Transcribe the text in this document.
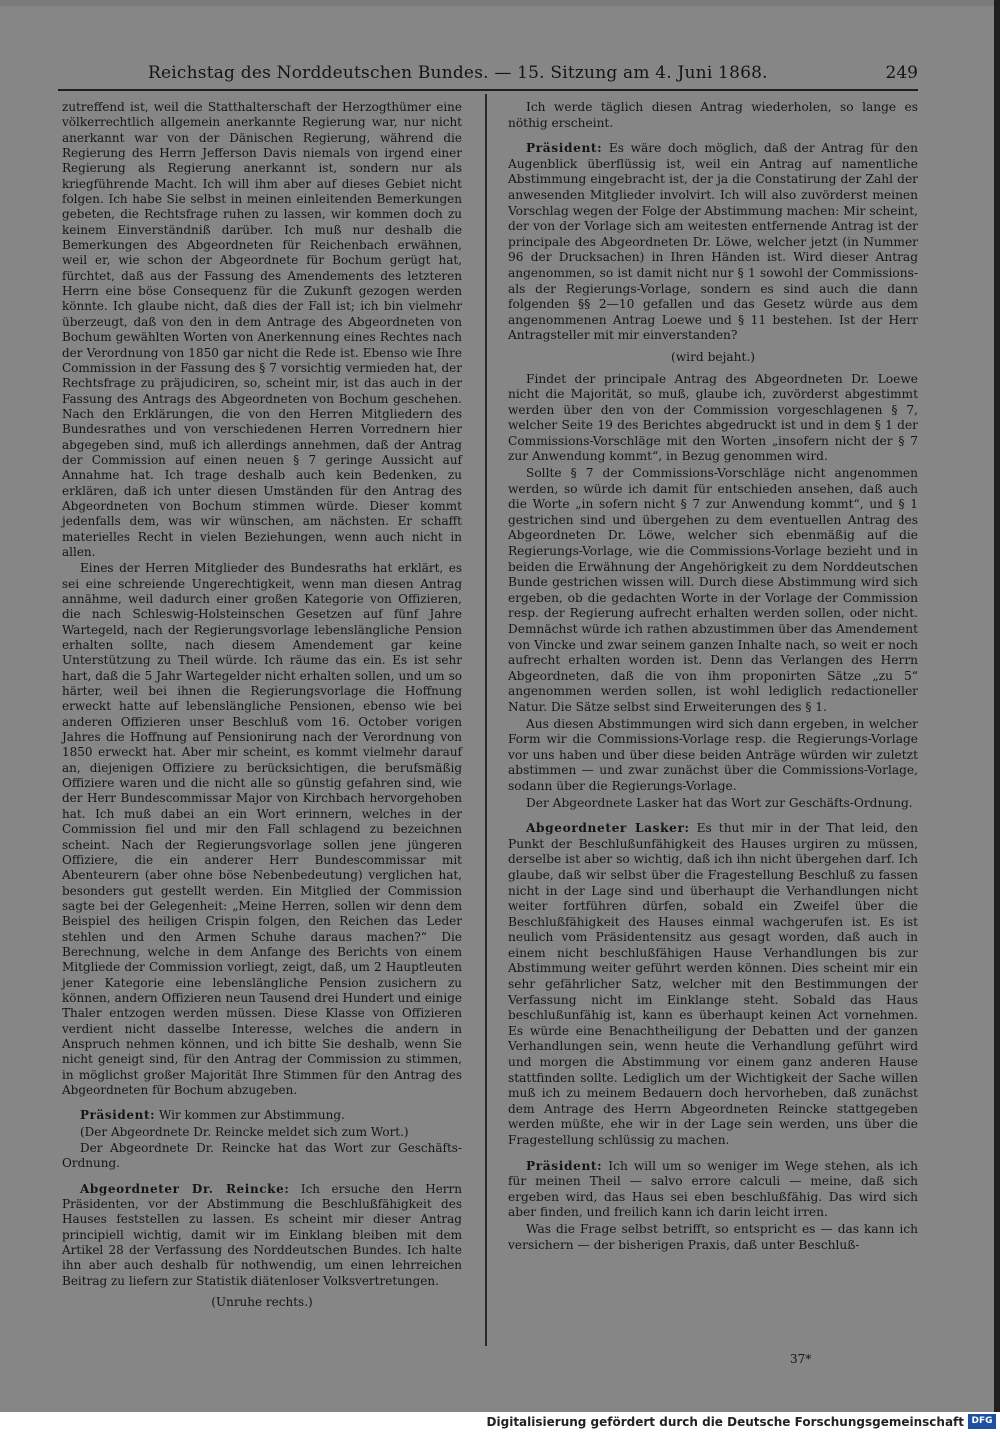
Reichstag des Norddeutschen Bundes. — 15. Sitzung am 4. Juni 1868.	249

zutreffend ist, weil die Statthalterschaft der Herzogthümer eine völkerrechtlich allgemein anerkannte Regierung war, nur nicht anerkannt war von der Dänischen Regierung, während die Regierung des Herrn Jefferson Davis niemals von irgend einer Regierung als Regierung anerkannt ist, sondern nur als kriegführende Macht. Ich will ihm aber auf dieses Gebiet nicht folgen. Ich habe Sie selbst in meinen einleitenden Bemerkungen gebeten, die Rechtsfrage ruhen zu lassen, wir kommen doch zu keinem Einverständniß darüber. Ich muß nur deshalb die Bemerkungen des Abgeordneten für Reichenbach erwähnen, weil er, wie schon der Abgeordnete für Bochum gerügt hat, fürchtet, daß aus der Fassung des Amendements des letzteren Herrn eine böse Consequenz für die Zukunft gezogen werden könnte. Ich glaube nicht, daß dies der Fall ist; ich bin vielmehr überzeugt, daß von den in dem Antrage des Abgeordneten von Bochum gewählten Worten von Anerkennung eines Rechtes nach der Verordnung von 1850 gar nicht die Rede ist. Ebenso wie Ihre Commission in der Fassung des § 7 vorsichtig vermieden hat, der Rechtsfrage zu präjudiciren, so, scheint mir, ist das auch in der Fassung des Antrags des Abgeordneten von Bochum geschehen. Nach den Erklärungen, die von den Herren Mitgliedern des Bundesrathes und von verschiedenen Herren Vorrednern hier abgegeben sind, muß ich allerdings annehmen, daß der Antrag der Commission auf einen neuen § 7 geringe Aussicht auf Annahme hat. Ich trage deshalb auch kein Bedenken, zu erklären, daß ich unter diesen Umständen für den Antrag des Abgeordneten von Bochum stimmen würde. Dieser kommt jedenfalls dem, was wir wünschen, am nächsten. Er schafft materielles Recht in vielen Beziehungen, wenn auch nicht in allen.

Eines der Herren Mitglieder des Bundesraths hat erklärt, es sei eine schreiende Ungerechtigkeit, wenn man diesen Antrag annähme, weil dadurch einer großen Kategorie von Offizieren, die nach Schleswig-Holsteinschen Gesetzen auf fünf Jahre Wartegeld, nach der Regierungsvorlage lebenslängliche Pension erhalten sollte, nach diesem Amendement gar keine Unterstützung zu Theil würde. Ich räume das ein. Es ist sehr hart, daß die 5 Jahr Wartegelder nicht erhalten sollen, und um so härter, weil bei ihnen die Regierungsvorlage die Hoffnung erweckt hatte auf lebenslängliche Pensionen, ebenso wie bei anderen Offizieren unser Beschluß vom 16. October vorigen Jahres die Hoffnung auf Pensionirung nach der Verordnung von 1850 erweckt hat. Aber mir scheint, es kommt vielmehr darauf an, diejenigen Offiziere zu berücksichtigen, die berufsmäßig Offiziere waren und die nicht alle so günstig gefahren sind, wie der Herr Bundescommissar Major von Kirchbach hervorgehoben hat. Ich muß dabei an ein Wort erinnern, welches in der Commission fiel und mir den Fall schlagend zu bezeichnen scheint. Nach der Regierungsvorlage sollen jene jüngeren Offiziere, die ein anderer Herr Bundescommissar mit Abenteurern (aber ohne böse Nebenbedeutung) verglichen hat, besonders gut gestellt werden. Ein Mitglied der Commission sagte bei der Gelegenheit: „Meine Herren, sollen wir denn dem Beispiel des heiligen Crispin folgen, den Reichen das Leder stehlen und den Armen Schuhe daraus machen?“ Die Berechnung, welche in dem Anfange des Berichts von einem Mitgliede der Commission vorliegt, zeigt, daß, um 2 Hauptleuten jener Kategorie eine lebenslängliche Pension zusichern zu können, andern Offizieren neun Tausend drei Hundert und einige Thaler entzogen werden müssen. Diese Klasse von Offizieren verdient nicht dasselbe Interesse, welches die andern in Anspruch nehmen können, und ich bitte Sie deshalb, wenn Sie nicht geneigt sind, für den Antrag der Commission zu stimmen, in möglichst großer Majorität Ihre Stimmen für den Antrag des Abgeordneten für Bochum abzugeben.

Präsident: Wir kommen zur Abstimmung.

(Der Abgeordnete Dr. Reincke meldet sich zum Wort.)

Der Abgeordnete Dr. Reincke hat das Wort zur Geschäfts-Ordnung.

Abgeordneter Dr. Reincke: Ich ersuche den Herrn Präsidenten, vor der Abstimmung die Beschlußfähigkeit des Hauses feststellen zu lassen. Es scheint mir dieser Antrag principiell wichtig, damit wir im Einklang bleiben mit dem Artikel 28 der Verfassung des Norddeutschen Bundes. Ich halte ihn aber auch deshalb für nothwendig, um einen lehrreichen Beitrag zu liefern zur Statistik diätenloser Volksvertretungen.

(Unruhe rechts.)

Ich werde täglich diesen Antrag wiederholen, so lange es nöthig erscheint.

Präsident: Es wäre doch möglich, daß der Antrag für den Augenblick überflüssig ist, weil ein Antrag auf namentliche Abstimmung eingebracht ist, der ja die Constatirung der Zahl der anwesenden Mitglieder involvirt. Ich will also zuvörderst meinen Vorschlag wegen der Folge der Abstimmung machen: Mir scheint, der von der Vorlage sich am weitesten entfernende Antrag ist der principale des Abgeordneten Dr. Löwe, welcher jetzt (in Nummer 96 der Drucksachen) in Ihren Händen ist. Wird dieser Antrag angenommen, so ist damit nicht nur § 1 sowohl der Commissions- als der Regierungs-Vorlage, sondern es sind auch die dann folgenden §§ 2—10 gefallen und das Gesetz würde aus dem angenommenen Antrag Loewe und § 11 bestehen. Ist der Herr Antragsteller mit mir einverstanden?

(wird bejaht.)

Findet der principale Antrag des Abgeordneten Dr. Loewe nicht die Majorität, so muß, glaube ich, zuvörderst abgestimmt werden über den von der Commission vorgeschlagenen § 7, welcher Seite 19 des Berichtes abgedruckt ist und in dem § 1 der Commissions-Vorschläge mit den Worten „insofern nicht der § 7 zur Anwendung kommt“, in Bezug genommen wird.

Sollte § 7 der Commissions-Vorschläge nicht angenommen werden, so würde ich damit für entschieden ansehen, daß auch die Worte „in sofern nicht § 7 zur Anwendung kommt“, und § 1 gestrichen sind und übergehen zu dem eventuellen Antrag des Abgeordneten Dr. Löwe, welcher sich ebenmäßig auf die Regierungs-Vorlage, wie die Commissions-Vorlage bezieht und in beiden die Erwähnung der Angehörigkeit zu dem Norddeutschen Bunde gestrichen wissen will. Durch diese Abstimmung wird sich ergeben, ob die gedachten Worte in der Vorlage der Commission resp. der Regierung aufrecht erhalten werden sollen, oder nicht. Demnächst würde ich rathen abzustimmen über das Amendement von Vincke und zwar seinem ganzen Inhalte nach, so weit er noch aufrecht erhalten worden ist. Denn das Verlangen des Herrn Abgeordneten, daß die von ihm proponirten Sätze „zu 5“ angenommen werden sollen, ist wohl lediglich redactioneller Natur. Die Sätze selbst sind Erweiterungen des § 1.

Aus diesen Abstimmungen wird sich dann ergeben, in welcher Form wir die Commissions-Vorlage resp. die Regierungs-Vorlage vor uns haben und über diese beiden Anträge würden wir zuletzt abstimmen — und zwar zunächst über die Commissions-Vorlage, sodann über die Regierungs-Vorlage.

Der Abgeordnete Lasker hat das Wort zur Geschäfts-Ordnung.

Abgeordneter Lasker: Es thut mir in der That leid, den Punkt der Beschlußunfähigkeit des Hauses urgiren zu müssen, derselbe ist aber so wichtig, daß ich ihn nicht übergehen darf. Ich glaube, daß wir selbst über die Fragestellung Beschluß zu fassen nicht in der Lage sind und überhaupt die Verhandlungen nicht weiter fortführen dürfen, sobald ein Zweifel über die Beschlußfähigkeit des Hauses einmal wachgerufen ist. Es ist neulich vom Präsidentensitz aus gesagt worden, daß auch in einem nicht beschlußfähigen Hause Verhandlungen bis zur Abstimmung weiter geführt werden können. Dies scheint mir ein sehr gefährlicher Satz, welcher mit den Bestimmungen der Verfassung nicht im Einklange steht. Sobald das Haus beschlußunfähig ist, kann es überhaupt keinen Act vornehmen. Es würde eine Benachtheiligung der Debatten und der ganzen Verhandlungen sein, wenn heute die Verhandlung geführt wird und morgen die Abstimmung vor einem ganz anderen Hause stattfinden sollte. Lediglich um der Wichtigkeit der Sache willen muß ich zu meinem Bedauern doch hervorheben, daß zunächst dem Antrage des Herrn Abgeordneten Reincke stattgegeben werden müßte, ehe wir in der Lage sein werden, uns über die Fragestellung schlüssig zu machen.

Präsident: Ich will um so weniger im Wege stehen, als ich für meinen Theil — salvo errore calculi — meine, daß sich ergeben wird, das Haus sei eben beschlußfähig. Das wird sich aber finden, und freilich kann ich darin leicht irren.

Was die Frage selbst betrifft, so entspricht es — das kann ich versichern — der bisherigen Praxis, daß unter Beschluß-

37*
Digitalisierung gefördert durch die Deutsche Forschungsgemeinschaft DFG
